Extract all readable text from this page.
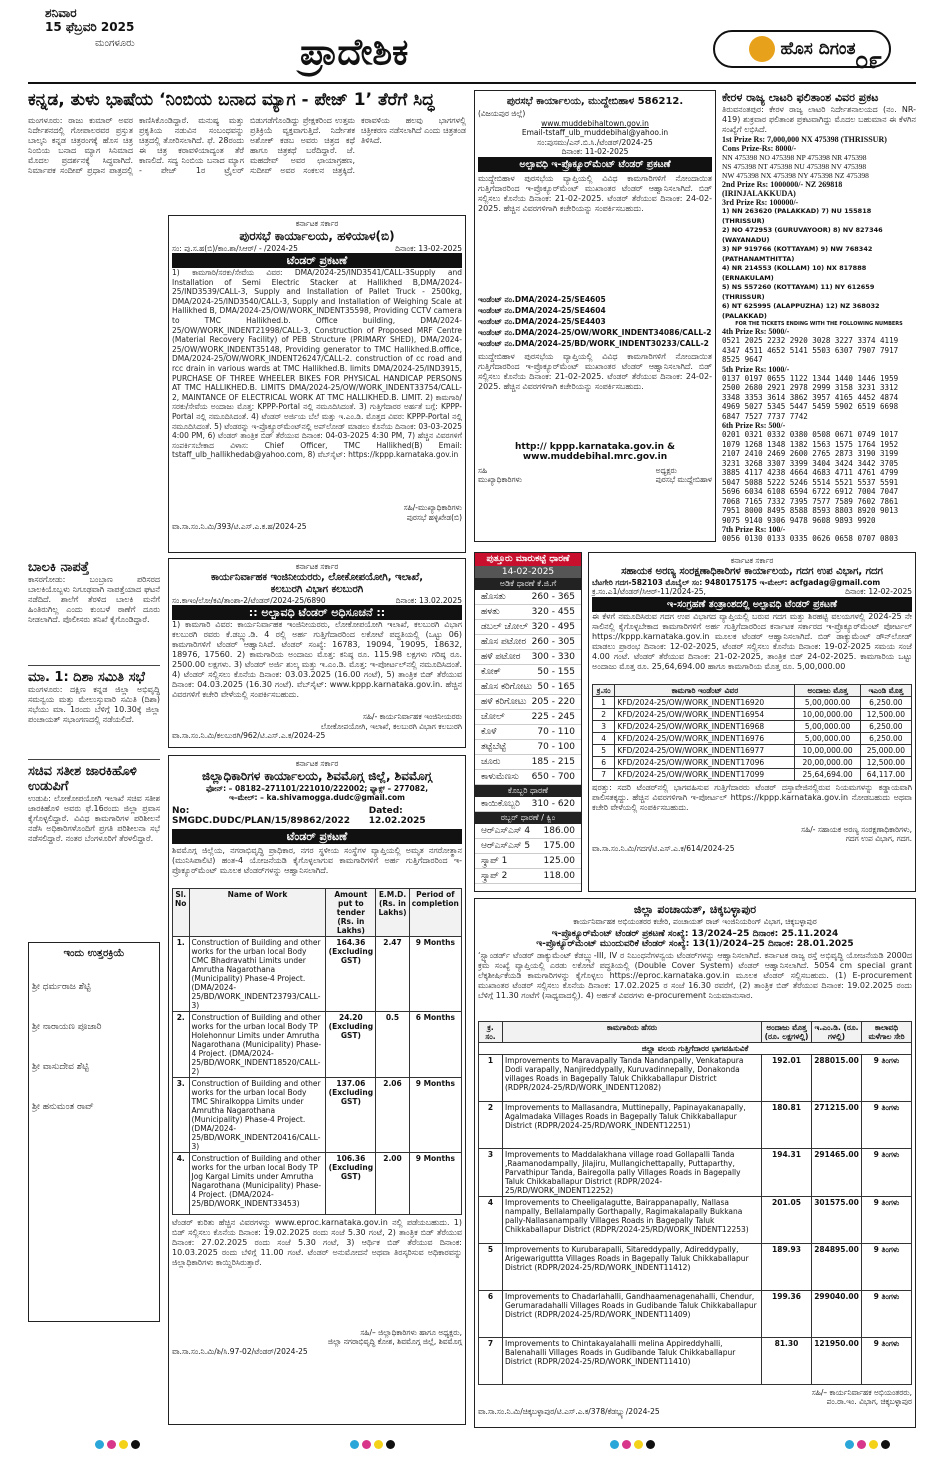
ಶನಿವಾರ
15 ಫೆಬ್ರವರಿ 2025
ಮಂಗಳೂರು	ಪ್ರಾದೇಶಿಕ	ಹೊಸ ದಿಗಂತ ೦೯
ಕನ್ನಡ, ತುಳು ಭಾಷೆಯ ‘ನಿಂಬಿಯ ಬನಾದ ಮ್ಯಾಗ - ಪೇಜ್ 1’ ತೆರೆಗೆ ಸಿದ್ಧ
ಮಂಗಳೂರು: ರಾಜು ಕುಮಾರ್ ಅವರ ನಿರ್ದೇಶನದಲ್ಲಿ ಗೋಪಾಲರವರ ಪ್ರಸ್ತುತ ಬಾಲ್ಕನಿ ಕನ್ನಡ ಚಿತ್ರರಂಗಕ್ಕೆ ಹೊಸ ಚಿತ್ರ ನಿಂಬಿಯ ಬನಾದ ಮ್ಯಾಗ ಸಿನಿಮಾದ ಮೊದಲ ಪ್ರದರ್ಶನಕ್ಕೆ ಸಿದ್ಧವಾಗಿದೆ. ನಿರ್ಮಾಪಕ ಸಂದೀಪ್ ಪ್ರಧಾನ ಪಾತ್ರದಲ್ಲಿ ಕಾಣಿಸಿಕೊಂಡಿದ್ದಾರೆ. ಮನುಷ್ಯ ಮತ್ತು ಪ್ರಕೃತಿಯ ನಡುವಿನ ಸಂಬಂಧವನ್ನು ಚಿತ್ರದಲ್ಲಿ ತೋರಿಸಲಾಗಿದೆ. ಫೆ. 28ರಂದು ಈ ಚಿತ್ರ ಕರಾವಳಿಯಾದ್ಯಂತ ತೆರೆ ಕಾಣಲಿದೆ. ಸದ್ಯ ನಿಂಬಿಯ ಬನಾದ ಮ್ಯಾಗ - ಪೇಜ್ 1ರ ಟ್ರೈಲರ್ ಬಿಡುಗಡೆಗೊಂಡಿದ್ದು ಪ್ರೇಕ್ಷಕರಿಂದ ಉತ್ತಮ ಪ್ರತಿಕ್ರಿಯೆ ವ್ಯಕ್ತವಾಗುತ್ತಿದೆ. ನಿರ್ದೇಶಕ ಅಶೋಕ್ ಕಡಬ ಅವರು ಚಿತ್ರದ ಕಥೆ ಹಾಗೂ ಚಿತ್ರಕಥೆ ಬರೆದಿದ್ದಾರೆ. ಜೆ. ಮಹದೇವ್ ಅವರ ಛಾಯಾಗ್ರಹಣ, ಸುದೀಪ್ ಅವರ ಸಂಕಲನ ಚಿತ್ರಕ್ಕಿದೆ. ಕರಾವಳಿಯ ಹಲವು ಭಾಗಗಳಲ್ಲಿ ಚಿತ್ರೀಕರಣ ನಡೆಸಲಾಗಿದೆ ಎಂದು ಚಿತ್ರತಂಡ ತಿಳಿಸಿದೆ.
ಬಾಲಕಿ ನಾಪತ್ತೆ
ಕಾಸರಗೋಡು: ಬಂಬ್ರಾಣ ಪರಿಸರದ ಬಾಲಕಿಯೊಬ್ಬಳು ನಿಗೂಢವಾಗಿ ನಾಪತ್ತೆಯಾದ ಘಟನೆ ನಡೆದಿದೆ. ಶಾಲೆಗೆ ತೆರಳಿದ ಬಾಲಕಿ ಮನೆಗೆ ಹಿಂತಿರುಗಿಲ್ಲ ಎಂದು ಕುಂಬಳೆ ಠಾಣೆಗೆ ದೂರು ನೀಡಲಾಗಿದೆ. ಪೊಲೀಸರು ತನಿಖೆ ಕೈಗೊಂಡಿದ್ದಾರೆ.
ಮಾ. 1: ದಿಶಾ ಸಮಿತಿ ಸಭೆ
ಮಂಗಳೂರು: ದಕ್ಷಿಣ ಕನ್ನಡ ಜಿಲ್ಲಾ ಅಭಿವೃದ್ಧಿ ಸಮನ್ವಯ ಮತ್ತು ಮೇಲುಸ್ತುವಾರಿ ಸಮಿತಿ (ದಿಶಾ) ಸಭೆಯು ಮಾ. 1ರಂದು ಬೆಳಿಗ್ಗೆ 10.30ಕ್ಕೆ ಜಿಲ್ಲಾ ಪಂಚಾಯತ್ ಸಭಾಂಗಣದಲ್ಲಿ ನಡೆಯಲಿದೆ.
ಸಚಿವ ಸತೀಶ ಜಾರಕಿಹೊಳಿ ಉಡುಪಿಗೆ
ಉಡುಪಿ: ಲೋಕೋಪಯೋಗಿ ಇಲಾಖೆ ಸಚಿವ ಸತೀಶ ಜಾರಕಿಹೊಳಿ ಅವರು ಫೆ.16ರಂದು ಜಿಲ್ಲಾ ಪ್ರವಾಸ ಕೈಗೊಳ್ಳಲಿದ್ದಾರೆ. ವಿವಿಧ ಕಾಮಗಾರಿಗಳ ಪರಿಶೀಲನೆ ನಡೆಸಿ ಅಧಿಕಾರಿಗಳೊಂದಿಗೆ ಪ್ರಗತಿ ಪರಿಶೀಲನಾ ಸಭೆ ನಡೆಸಲಿದ್ದಾರೆ. ನಂತರ ಬೆಂಗಳೂರಿಗೆ ತೆರಳಲಿದ್ದಾರೆ.
ಇಂದು ಉತ್ತರಕ್ರಿಯೆ
ಶ್ರೀ ಧರ್ಮರಾಜ ಶೆಟ್ಟಿ
ಶ್ರೀ ನಾರಾಯಣ ಪೂಜಾರಿ
ಶ್ರೀ ವಾಸುದೇವ ಶೆಟ್ಟಿ
ಶ್ರೀ ಹನುಮಂತ ರಾವ್
ಕರ್ನಾಟಕ ಸರ್ಕಾರ
ಪುರಸಭೆ ಕಾರ್ಯಾಲಯ, ಹಳಿಯಾಳ(ಬಿ)
ಸಂ: ಪು.ಸ.ಹ(ಬಿ)/ಕಾಂ.ಶಾ/ಸಿಆರ್/ - /2024-25	ದಿನಾಂಕ: 13-02-2025
ಟೆಂಡರ್ ಪ್ರಕಟಣೆ
1) ಕಾಮಗಾರಿ/ಸರಕು/ಸೇವೆಯ ವಿವರ: DMA/2024-25/IND3541/CALL-3Supply and Installation of Semi Electric Stacker at Hallikhed B,DMA/2024-25/IND3539/CALL-3, Supply and Installation of Pallet Truck - 2500kg, DMA/2024-25/IND3540/CALL-3, Supply and Installation of Weighing Scale at Hallikhed B, DMA/2024-25/OW/WORK_INDENT35598, Providing CCTV camera to TMC Hallikhed.b. Office building, DMA/2024-25/OW/WORK_INDENT21998/CALL-3, Construction of Proposed MRF Centre (Material Recovery Facility) of PEB Structure (PRIMARY SHED), DMA/2024-25/OW/WORK_INDENT35148, Providing generator to TMC Hallikhed.B.office, DMA/2024-25/OW/WORK_INDENT26247/CALL-2. construction of cc road and rcc drain in various wards at TMC Hallikhed.B. limits DMA/2024-25/IND3915, PURCHASE OF THREE WHEELER BIKES FOR PHYSICAL HANDICAP PERSONS AT TMC HALLIKHED.B. LIMITS DMA/2024-25/OW/WORK_INDENT33754/CALL-2, MAINTANCE OF ELECTRICAL WORK AT TMC HALLIKHED.B. LIMIT. 2) ಕಾಮಗಾರಿ/ಸರಕು/ಸೇವೆಯ ಅಂದಾಜು ಮೊತ್ತ: KPPP-Portal ನಲ್ಲಿ ನಮೂದಿಸಿದಂತೆ. 3) ಗುತ್ತಿಗೆದಾರರ ಅರ್ಹತೆ ಬಗ್ಗೆ: KPPP-Portal ನಲ್ಲಿ ನಮೂದಿಸಿದಂತೆ. 4) ಟೆಂಡರ್ ಅರ್ಜಿಯ ಬೆಲೆ ಮತ್ತು ಇ.ಎಂ.ಡಿ. ಮೊತ್ತದ ವಿವರ: KPPP-Portal ನಲ್ಲಿ ನಮೂದಿಸಿದಂತೆ. 5) ಟೆಂಡರನ್ನು ಇ-ಪ್ರೊಕ್ಯೂರ್‌ಮೆಂಟ್‌ನಲ್ಲಿ ಅಪ್‌ಲೋಡ್ ಮಾಡಲು ಕೊನೆಯ ದಿನಾಂಕ: 03-03-2025 4:00 PM, 6) ಟೆಂಡರ್ ತಾಂತ್ರಿಕ ಬಿಡ್ ತೆರೆಯುವ ದಿನಾಂಕ: 04-03-2025 4:30 PM, 7) ಹೆಚ್ಚಿನ ವಿವರಗಳಿಗೆ ಸಂಪರ್ಕಿಸಬೇಕಾದ ವಿಳಾಸ: Chief Officer, TMC Hallikhed(B) Email: tstaff_ulb_hallikhedab@yahoo.com, 8) ವೆಬ್‌ಸೈಟ್: https://kppp.karnataka.gov.in
ಸಹಿ/-ಮುಖ್ಯಾಧಿಕಾರಿಗಳು
ಪುರಸಭೆ ಹಳ್ಳಿಖೇಡ(ಬಿ)
ವಾ.ಸಾ.ಸಂ.ನಿ.ಮಿ/393/ಟಿ.ಎಸ್.ಎ.ಕ.ಹ/2024-25
ಕರ್ನಾಟಕ ಸರ್ಕಾರ
ಕಾರ್ಯನಿರ್ವಾಹಕ ಇಂಜಿನೀಯರರು, ಲೋಕೋಪಯೋಗಿ, ಇಲಾಖೆ,
ಕಲಬುರಗಿ ವಿಭಾಗ ಕಲಬುರಗಿ
ಸಂ.ಕಾಇಂ/ಲೋ/ಕವಿ/ತಾಂಶಾ-2/ಟೆಂಡರ್/2024-25/6890	ದಿನಾಂಕ: 13.02.2025
:: ಅಲ್ಪಾವಧಿ ಟೆಂಡರ್ ಅಧಿಸೂಚನೆ ::
1) ಕಾಮಗಾರಿ ವಿವರ: ಕಾರ್ಯನಿರ್ವಾಹಕ ಇಂಜಿನೀಯರರು, ಲೋಕೋಪಯೋಗಿ ಇಲಾಖೆ, ಕಲಬುರಗಿ ವಿಭಾಗ ಕಲಬುರಗಿ ರವರು ಕೆ.ಡಬ್ಲ್ಯು.ಡಿ. 4 ರಲ್ಲಿ ಅರ್ಹ ಗುತ್ತಿಗೆದಾರರಿಂದ ಲಕೋಟೆ ಪದ್ಧತಿಯಲ್ಲಿ (ಒಟ್ಟು 06) ಕಾಮಗಾರಿಗಳಿಗೆ ಟೆಂಡರ್ ಆಹ್ವಾನಿಸಿದೆ. ಟೆಂಡರ್ ಸಂಖ್ಯೆ: 16783, 19094, 19095, 18632, 18976, 17560. 2) ಕಾಮಗಾರಿಯ ಅಂದಾಜು ಮೊತ್ತ: ಕನಿಷ್ಠ ರೂ. 115.98 ಲಕ್ಷಗಳು ಗರಿಷ್ಠ ರೂ. 2500.00 ಲಕ್ಷಗಳು. 3) ಟೆಂಡರ್ ಅರ್ಜಿ ಶುಲ್ಕ ಮತ್ತು ಇ.ಎಂ.ಡಿ. ಮೊತ್ತ: ಇ-ಪೋರ್ಟಲ್‌ನಲ್ಲಿ ನಮೂದಿಸಿದಂತೆ. 4) ಟೆಂಡರ್ ಸಲ್ಲಿಸಲು ಕೊನೆಯ ದಿನಾಂಕ: 03.03.2025 (16.00 ಗಂಟೆ), 5) ತಾಂತ್ರಿಕ ಬಿಡ್ ತೆರೆಯುವ ದಿನಾಂಕ: 04.03.2025 (16.30 ಗಂಟೆ). ವೆಬ್‌ಸೈಟ್: www.kppp.karnataka.gov.in. ಹೆಚ್ಚಿನ ವಿವರಗಳಿಗೆ ಕಚೇರಿ ವೇಳೆಯಲ್ಲಿ ಸಂಪರ್ಕಿಸಬಹುದು.
ಸಹಿ/- ಕಾರ್ಯನಿರ್ವಾಹಕ ಇಂಜಿನೀಯರರು
ಲೋಕೋಪಯೋಗಿ, ಇಲಾಖೆ, ಕಲಬುರಗಿ ವಿಭಾಗ ಕಲಬುರಗಿ
ವಾ.ಸಾ.ಸಂ.ನಿ.ಮಿ/ಕಲಬುರಗಿ/962/ಟಿ.ಎಸ್.ಎ.ಕ/2024-25
ಕರ್ನಾಟಕ ಸರ್ಕಾರ
ಜಿಲ್ಲಾಧಿಕಾರಿಗಳ ಕಾರ್ಯಾಲಯ, ಶಿವಮೊಗ್ಗ ಜಿಲ್ಲೆ, ಶಿವಮೊಗ್ಗ
ಫೋನ್: – 08182–271101/221010/222002; ಫ್ಯಾಕ್ಸ್ – 277082,
ಇ–ಮೇಲ್: – ka.shivamogga.dudc@gmail.com
No: SMGDC.DUDC/PLAN/15/89862/2022
Dated: 12.02.2025
ಟೆಂಡರ್ ಪ್ರಕಟಣೆ
ಶಿವಮೊಗ್ಗ ಜಿಲ್ಲೆಯ, ನಗರಾಭಿವೃದ್ಧಿ ಪ್ರಾಧಿಕಾರ, ನಗರ ಸ್ಥಳೀಯ ಸಂಸ್ಥೆಗಳ ವ್ಯಾಪ್ತಿಯಲ್ಲಿ ಅಮೃತ ನಗರೋತ್ಥಾನ (ಮುನಿಸಿಪಾಲಿಟಿ) ಹಂತ-4 ಯೋಜನೆಯಡಿ ಕೈಗೊಳ್ಳಲಾಗುವ ಕಾಮಗಾರಿಗಳಿಗೆ ಅರ್ಹ ಗುತ್ತಿಗೆದಾರರಿಂದ ಇ-ಪ್ರೊಕ್ಯೂರ್‌ಮೆಂಟ್ ಮೂಲಕ ಟೆಂಡರ್‌ಗಳನ್ನು ಆಹ್ವಾನಿಸಲಾಗಿದೆ.
Sl. No	Name of Work	Amount put to tender (Rs. in Lakhs)	E.M.D. (Rs. in Lakhs)	Period of completion
1.	Construction of Building and other works for the urban local Body CMC Bhadravathi Limits under Amrutha Nagarothana (Municipality) Phase-4 Project.(DMA/2024-25/BD/WORK_INDENT23793/CALL-3)	164.36 (Excluding GST)	2.47	9 Months
2.	Construction of Building and other works for the urban local Body TP Holehonnur Limits under Amrutha Nagarothana (Municipality) Phase-4 Project. (DMA/2024-25/BD/WORK_INDENT18520/CALL-2)	24.20 (Excluding GST)	0.5	6 Months
3.	Construction of Building and other works for the urban local Body TMC Shiralkoppa Limits under Amrutha Nagarothana (Municipality) Phase-4 Project. (DMA/2024-25/BD/WORK_INDENT20416/CALL-3)	137.06 (Excluding GST)	2.06	9 Months
4.	Construction of Building and other works for the urban local Body TP Jog Kargal Limits under Amrutha Nagarothana (Municipality) Phase-4 Project. (DMA/2024-25/BD/WORK_INDENT33453)	106.36 (Excluding GST)	2.00	9 Months
ಟೆಂಡರ್ ಕುರಿತು ಹೆಚ್ಚಿನ ವಿವರಗಳನ್ನು www.eproc.karnataka.gov.in ನಲ್ಲಿ ಪಡೆಯಬಹುದು. 1) ಬಿಡ್ ಸಲ್ಲಿಸಲು ಕೊನೆಯ ದಿನಾಂಕ: 19.02.2025 ರಂದು ಸಂಜೆ 5.30 ಗಂಟೆ, 2) ತಾಂತ್ರಿಕ ಬಿಡ್ ತೆರೆಯುವ ದಿನಾಂಕ: 27.02.2025 ರಂದು ಸಂಜೆ 5.30 ಗಂಟೆ, 3) ಆರ್ಥಿಕ ಬಿಡ್ ತೆರೆಯುವ ದಿನಾಂಕ: 10.03.2025 ರಂದು ಬೆಳಿಗ್ಗೆ 11.00 ಗಂಟೆ. ಟೆಂಡರ್ ಅನುಮೋದನೆ ಅಥವಾ ತಿರಸ್ಕರಿಸುವ ಅಧಿಕಾರವನ್ನು ಜಿಲ್ಲಾಧಿಕಾರಿಗಳು ಕಾಯ್ದಿರಿಸಿರುತ್ತಾರೆ.
ಸಹಿ/– ಜಿಲ್ಲಾಧಿಕಾರಿಗಳು ಹಾಗೂ ಅಧ್ಯಕ್ಷರು,
ಜಿಲ್ಲಾ ನಗರಾಭಿವೃದ್ಧಿ ಕೋಶ, ಶಿವಮೊಗ್ಗ ಜಿಲ್ಲೆ, ಶಿವಮೊಗ್ಗ
ವಾ.ಸಾ.ಸಂ.ನಿ.ಮಿ/ಶಿ/ಸಿ.97-02/ಟೆಂಡರ್/2024-25
ಪುರಸಭೆ ಕಾರ್ಯಾಲಯ, ಮುದ್ದೇಬಿಹಾಳ 586212.
(ವಿಜಯಪುರ ಜಿಲ್ಲೆ)
www.muddebihaltown.gov.in
Email-tstaff_ulb_muddebihal@yahoo.in
ಸಂ:ಪುಸಮು/ಎನ್.ಬಿ.ಸಿ./ಟೆಂಡರ್/2024-25
ದಿನಾಂಕ: 11-02-2025
ಅಲ್ಪಾವಧಿ ಇ-ಪ್ರೊಕ್ಯೂರ್‌ಮೆಂಟ್ ಟೆಂಡರ್ ಪ್ರಕಟಣೆ
ಮುದ್ದೇಬಿಹಾಳ ಪುರಸಭೆಯ ವ್ಯಾಪ್ತಿಯಲ್ಲಿ ವಿವಿಧ ಕಾಮಗಾರಿಗಳಿಗೆ ನೋಂದಾಯಿತ ಗುತ್ತಿಗೆದಾರರಿಂದ ಇ-ಪ್ರೊಕ್ಯೂರ್‌ಮೆಂಟ್ ಮುಖಾಂತರ ಟೆಂಡರ್ ಆಹ್ವಾನಿಸಲಾಗಿದೆ. ಬಿಡ್ ಸಲ್ಲಿಸಲು ಕೊನೆಯ ದಿನಾಂಕ: 21-02-2025. ಟೆಂಡರ್ ತೆರೆಯುವ ದಿನಾಂಕ: 24-02-2025. ಹೆಚ್ಚಿನ ವಿವರಗಳಿಗಾಗಿ ಕಚೇರಿಯನ್ನು ಸಂಪರ್ಕಿಸಬಹುದು.
ಇಂಡೆಂಟ್ ನಂ.DMA/2024-25/SE4605
ಇಂಡೆಂಟ್ ನಂ.DMA/2024-25/SE4604
ಇಂಡೆಂಟ್ ನಂ.DMA/2024-25/SE4403
ಇಂಡೆಂಟ್ ನಂ.DMA/2024-25/OW/WORK_INDENT34086/CALL-2
ಇಂಡೆಂಟ್ ನಂ.DMA/2024-25/BD/WORK_INDENT30233/CALL-2
ಮುದ್ದೇಬಿಹಾಳ ಪುರಸಭೆಯ ವ್ಯಾಪ್ತಿಯಲ್ಲಿ ವಿವಿಧ ಕಾಮಗಾರಿಗಳಿಗೆ ನೋಂದಾಯಿತ ಗುತ್ತಿಗೆದಾರರಿಂದ ಇ-ಪ್ರೊಕ್ಯೂರ್‌ಮೆಂಟ್ ಮುಖಾಂತರ ಟೆಂಡರ್ ಆಹ್ವಾನಿಸಲಾಗಿದೆ. ಬಿಡ್ ಸಲ್ಲಿಸಲು ಕೊನೆಯ ದಿನಾಂಕ: 21-02-2025. ಟೆಂಡರ್ ತೆರೆಯುವ ದಿನಾಂಕ: 24-02-2025. ಹೆಚ್ಚಿನ ವಿವರಗಳಿಗಾಗಿ ಕಚೇರಿಯನ್ನು ಸಂಪರ್ಕಿಸಬಹುದು.
http:// kppp.karnataka.gov.in & www.muddebihal.mrc.gov.in
ಸಹಿ
ಮುಖ್ಯಾಧಿಕಾರಿಗಳು
ಅಧ್ಯಕ್ಷರು
ಪುರಸಭೆ ಮುದ್ದೇಬಿಹಾಳ
ಪುತ್ತೂರು ಮಾರುಕಟ್ಟೆ ಧಾರಣೆ
14-02-2025
ಅಡಿಕೆ ಧಾರಣೆ ಕೆ.ಜಿ.ಗೆ
ಹೊಸತು	260 - 365
ಹಳತು	320 - 455
ಡಬಲ್ ಚೋಲ್ 320 - 495
ಹೊಸ ಪಟೋರ 260 - 305
ಹಳೆ ಪಟೋರ 300 - 330
ಕೋಕ್	50 - 155
ಹೊಸ ಕರಿಗೋಟು 50 - 165
ಹಳೆ ಕರಿಗೋಟು 205 - 220
ಚೋಲ್	225 - 245
ಕೊಳೆ	70 - 110
ತಟ್ಟೆಬೆಟ್ಟೆ	70 - 100
ಚೂರು	185 - 215
ಕಾಳುಮೆಣಸು 650 - 700
ಕೊಬ್ಬರಿ ಧಾರಣೆ
ಕಾಯಿಕೊಬ್ಬರಿ 310 - 620
ರಬ್ಬರ್ ಧಾರಣೆ / ಕ್ವಿಂ
ಆರ್‌ಎಸ್‌ಎಸ್ 4 186.00
ಆರ್‌ಎಸ್‌ಎಸ್ 5 175.00
ಸ್ಕ್ರಾಪ್ 1	125.00
ಸ್ಕ್ರಾಪ್ 2	118.00
ಕರ್ನಾಟಕ ಸರ್ಕಾರ
ಸಹಾಯಕ ಅರಣ್ಯ ಸಂರಕ್ಷಣಾಧಿಕಾರಿಗಳ ಕಾರ್ಯಾಲಯ, ಗದಗ ಉಪ ವಿಭಾಗ, ಗದಗ
ಬೆಟಗೇರಿ ಗದಗ-582103 ಮೊಬೈಲ್ ಸಂ: 9480175175 ಇ-ಮೇಲ್: acfgadag@gmail.com
ಕ್ರ.ಸಂ.ಎ1/ಟೆಂಡರ್/ಸಿಆರ್-11/2024-25,	ದಿನಾಂಕ: 12-02-2025
ಇ-ಸಂಗ್ರಹಣೆ ತಂತ್ರಾಂಶದಲ್ಲಿ ಅಲ್ಪಾವಧಿ ಟೆಂಡರ್ ಪ್ರಕಟಣೆ
ಈ ಕೆಳಗೆ ನಮೂದಿಸಿರುವ ಗದಗ ಉಪ ವಿಭಾಗದ ವ್ಯಾಪ್ತಿಯಲ್ಲಿ ಬರುವ ಗದಗ ಮತ್ತು ಶಿರಹಟ್ಟಿ ವಲಯಗಳಲ್ಲಿ 2024-25 ನೇ ಸಾಲಿನಲ್ಲಿ ಕೈಗೊಳ್ಳಬೇಕಾದ ಕಾಮಗಾರಿಗಳಿಗೆ ಅರ್ಹ ಗುತ್ತಿಗೆದಾರರಿಂದ ಕರ್ನಾಟಕ ಸರ್ಕಾರದ ಇ-ಪ್ರೊಕ್ಯೂರ್‌ಮೆಂಟ್ ಪೋರ್ಟಲ್ https://kppp.karnataka.gov.in ಮೂಲಕ ಟೆಂಡರ್ ಆಹ್ವಾನಿಸಲಾಗಿದೆ. ಬಿಡ್ ಡಾಕ್ಯುಮೆಂಟ್ ಡೌನ್‌ಲೋಡ್ ಮಾಡಲು ಪ್ರಾರಂಭ ದಿನಾಂಕ: 12-02-2025, ಟೆಂಡರ್ ಸಲ್ಲಿಸಲು ಕೊನೆಯ ದಿನಾಂಕ: 19-02-2025 ಸಮಯ ಸಂಜೆ 4.00 ಗಂಟೆ. ಟೆಂಡರ್ ತೆರೆಯುವ ದಿನಾಂಕ: 21-02-2025, ತಾಂತ್ರಿಕ ಬಿಡ್ 24-02-2025. ಕಾಮಗಾರಿಯ ಒಟ್ಟು ಅಂದಾಜು ಮೊತ್ತ ರೂ. 25,64,694.00 ಹಾಗೂ ಕಾಮಗಾರಿಯ ಮೊತ್ತ ರೂ. 5,00,000.00
ಕ್ರ.ಸಂ	ಕಾಮಗಾರಿ ಇಂಡೆಂಟ್ ವಿವರ	ಅಂದಾಜು ಮೊತ್ತ	ಇಎಂಡಿ ಮೊತ್ತ
1	KFD/2024-25/OW/WORK_INDENT16920	5,00,000.00	6,250.00
2	KFD/2024-25/OW/WORK_INDENT16954	10,00,000.00	12,500.00
3	KFD/2024-25/OW/WORK_INDENT16968	5,00,000.00	6,250.00
4	KFD/2024-25/OW/WORK_INDENT16976	5,00,000.00	6,250.00
5	KFD/2024-25/OW/WORK_INDENT16977	10,00,000.00	25,000.00
6	KFD/2024-25/OW/WORK_INDENT17096	20,00,000.00	12,500.00
7	KFD/2024-25/OW/WORK_INDENT17099	25,64,694.00	64,117.00
ಷರತ್ತು: ಸದರಿ ಟೆಂಡರ್‌ನಲ್ಲಿ ಭಾಗವಹಿಸುವ ಗುತ್ತಿಗೆದಾರರು ಟೆಂಡರ್ ದಸ್ತಾವೇಜಿನಲ್ಲಿರುವ ನಿಯಮಗಳನ್ನು ಕಡ್ಡಾಯವಾಗಿ ಪಾಲಿಸತಕ್ಕದ್ದು. ಹೆಚ್ಚಿನ ವಿವರಗಳಿಗಾಗಿ ಇ-ಪೋರ್ಟಲ್ https://kppp.karnataka.gov.in ನೋಡಬಹುದು ಅಥವಾ ಕಚೇರಿ ವೇಳೆಯಲ್ಲಿ ಸಂಪರ್ಕಿಸಬಹುದು.
ಸಹಿ/- ಸಹಾಯಕ ಅರಣ್ಯ ಸಂರಕ್ಷಣಾಧಿಕಾರಿಗಳು,
ಗದಗ ಉಪ ವಿಭಾಗ, ಗದಗ.
ವಾ.ಸಾ.ಸಂ.ನಿ.ಮಿ/ಗದಗ/ಟಿ.ಎಸ್.ಎ.ಕ/614/2024-25
ಕೇರಳ ರಾಜ್ಯ ಲಾಟರಿ ಫಲಿತಾಂಶ ವಿವರ ಪ್ರಕಟ
ತಿರುವನಂತಪುರ: ಕೇರಳ ರಾಜ್ಯ ಲಾಟರಿ ನಿರ್ದೇಶನಾಲಯದ (ನಂ. NR-419) ಶುಕ್ರವಾರ ಫಲಿತಾಂಶ ಪ್ರಕಟವಾಗಿದ್ದು ಮೊದಲ ಬಹುಮಾನ ಈ ಕೆಳಗಿನ ಸಂಖ್ಯೆಗೆ ಲಭಿಸಿದೆ.
1st Prize Rs: 7,000,000 NX 475398 (THRISSUR)
Cons Prize-Rs: 8000/-
NN 475398 NO 475398 NP 475398 NR 475398
NS 475398 NT 475398 NU 475398 NV 475398
NW 475398 NX 475398 NY 475398 NZ 475398
2nd Prize Rs: 1000000/- NZ 269818 (IRINJALAKKUDA)
3rd Prize Rs: 100000/-
1) NN 263620 (PALAKKAD) 7) NU 155818 (THRISSUR)
2) NO 472953 (GURUVAYOOR) 8) NV 827346 (WAYANADU)
3) NP 919766 (KOTTAYAM) 9) NW 768342 (PATHANAMTHITTA)
4) NR 214553 (KOLLAM) 10) NX 817888 (ERNAKULAM)
5) NS 557260 (KOTTAYAM) 11) NY 612659 (THRISSUR)
6) NT 625995 (ALAPPUZHA) 12) NZ 368032 (PALAKKAD)
FOR THE TICKETS ENDING WITH THE FOLLOWING NUMBERS
4th Prize Rs: 5000/-
0521 2025 2232 2920 3028 3227 3374 4119 4347 4511 4652 5141 5503 6307 7907 7917 8525 9647
5th Prize Rs: 1000/-
0137 0197 0655 1122 1344 1440 1446 1959 2500 2680 2921 2978 2999 3158 3231 3312 3348 3353 3614 3862 3957 4165 4452 4874 4969 5027 5345 5447 5459 5902 6519 6698 6847 7527 7737 7742
6th Prize Rs: 500/-
0201 0321 0332 0380 0508 0671 0749 1017 1079 1268 1348 1382 1563 1575 1764 1952 2107 2410 2469 2600 2765 2873 3190 3199 3231 3268 3307 3399 3404 3424 3442 3705 3885 4117 4238 4664 4683 4711 4761 4799 5047 5088 5222 5246 5514 5521 5537 5591 5696 6034 6108 6594 6722 6912 7004 7047 7068 7165 7332 7395 7577 7589 7602 7861 7951 8000 8495 8588 8593 8803 8920 9013 9075 9140 9306 9478 9608 9893 9920
7th Prize Rs: 100/-
0056 0130 0133 0335 0626 0658 0707 0803
ಜಿಲ್ಲಾ ಪಂಚಾಯತ್, ಚಿಕ್ಕಬಳ್ಳಾಪುರ
ಕಾರ್ಯನಿರ್ವಾಹಕ ಅಭಿಯಂತರರ ಕಚೇರಿ, ಪಂಚಾಯತ್ ರಾಜ್ ಇಂಜಿನಿಯರಿಂಗ್ ವಿಭಾಗ, ಚಿಕ್ಕಬಳ್ಳಾಪುರ
ಇ-ಪ್ರೊಕ್ಯೂರ್‌ಮೆಂಟ್ ಟೆಂಡರ್ ಪ್ರಕಟಣೆ ಸಂಖ್ಯೆ: 13/2024–25 ದಿನಾಂಕ: 25.11.2024
ಇ-ಪ್ರೊಕ್ಯೂರ್‌ಮೆಂಟ್ ಮುಂದುವರಿಕೆ ಟೆಂಡರ್ ಸಂಖ್ಯೆ: 13(1)/2024–25 ದಿನಾಂಕ: 28.01.2025
‘ಸ್ಟ್ಯಾಂಡರ್ಡ್ ಟೆಂಡರ್ ಡಾಕ್ಯುಮೆಂಟ್ ಕೆಡಬ್ಲ್ಯು-III, IV ರ ನಿಬಂಧನೆಗಳನ್ವಯ ಟೆಂಡರ್‌ಗಳನ್ನು ಆಹ್ವಾನಿಸಲಾಗಿದೆ. ಕರ್ನಾಟಕ ರಾಜ್ಯ ರಸ್ತೆ ಅಭಿವೃದ್ಧಿ ಯೋಜನೆಯಡಿ 2000ದ ಕ್ರಮ ಸಂಖ್ಯೆ ವ್ಯಾಪ್ತಿಯಲ್ಲಿ ಎರಡು ಲಕೋಟೆ ಪದ್ಧತಿಯಲ್ಲಿ (Double Cover System) ಟೆಂಡರ್ ಆಹ್ವಾನಿಸಲಾಗಿದೆ. 5054 cm special grant ಲೆಕ್ಕಶೀರ್ಷಿಕೆಯಡಿ ಕಾಮಗಾರಿಗಳನ್ನು ಕೈಗೊಳ್ಳಲು https://eproc.karnataka.gov.in ಮೂಲಕ ಟೆಂಡರ್ ಸಲ್ಲಿಸಬಹುದು. (1) E-procurement ಮುಖಾಂತರ ಟೆಂಡರ್ ಸಲ್ಲಿಸಲು ಕೊನೆಯ ದಿನಾಂಕ: 17.02.2025 ರ ಸಂಜೆ 16.30 ರವರೆಗೆ, (2) ತಾಂತ್ರಿಕ ಬಿಡ್ ತೆರೆಯುವ ದಿನಾಂಕ: 19.02.2025 ರಂದು ಬೆಳಿಗ್ಗೆ 11.30 ಗಂಟೆಗೆ (ಸಾಧ್ಯವಾದಲ್ಲಿ). 4) ಅರ್ಹತೆ ವಿವರಗಳು e-procurement ನಿಯಮಾನುಸಾರ.
ಕ್ರ. ಸಂ.	ಕಾಮಗಾರಿಯ ಹೆಸರು	ಅಂದಾಜು ಮೊತ್ತ (ರೂ. ಲಕ್ಷಗಳಲ್ಲಿ)	ಇ.ಎಂ.ಡಿ. (ರೂ. ಗಳಲ್ಲಿ)	ಕಾಲಾವಧಿ ಮಳೆಗಾಲ ಸೇರಿ
ಜಿಲ್ಲಾ ವಲಯ ಗುತ್ತಿಗೆದಾರರ ಭಾಗವಹಿಸುವಿಕೆ				
1	Improvements to Maravapally Tanda Nandanpally, Venkatapura Dodi varapally, Nanjireddypally, Kuruvadinnepally, Donakonda villages Roads in Bagepally Taluk Chikkaballapur District (RDPR/2024-25/RD/WORK_INDENT12082)	192.01	288015.00	9 ತಿಂಗಳು
2	Improvements to Mallasandra, Muttinepally, Papinayakanapally, Agalmadaka Villages Roads in Bagepally Taluk Chikkaballapur District (RDPR/2024-25/RD/WORK_INDENT12251)	180.81	271215.00	9 ತಿಂಗಳು
3	Improvements to Maddalakhana village road Gollapalli Tanda ,Raamanodampally, Jilajiru, Mullangichettapally, Puttaparthy, Parvathipur Tanda, Bairegolla pally Villages Roads in Bagepally Taluk Chikkaballapur District (RDPR/2024-25/RD/WORK_INDENT12252)	194.31	291465.00	9 ತಿಂಗಳು
4	Improvements to Cheeligalagutte, Bairappanapally, Nallasa nampally, Bellalampally Gorthapally, Ragimakalapally Bukkana pally-Nallasanampally Villages Roads in Bagepally Taluk Chikkaballapur District (RDPR/2024-25/RD/WORK_INDENT12253)	201.05	301575.00	9 ತಿಂಗಳು
5	Improvements to Kurubarapalli, Sitareddypally, Adireddypally, Arigewariguttta Villages Roads in Bagepally Taluk Chikkaballapur District (RDPR/2024-25/RD/WORK_INDENT11412)	189.93	284895.00	9 ತಿಂಗಳು
6	Improvements to Chadarlahalli, Gandhaamenagenahalli, Chendur, Gerumaradahalli Villages Roads in Gudibande Taluk Chikkaballapur District (RDPR/2024-25/RD/WORK_INDENT11409)	199.36	299040.00	9 ತಿಂಗಳು
7	Improvements to Chintakayalahalli melina Appireddyhalli, Balenahalli Villages Roads in Gudibande Taluk Chikkaballapur District (RDPR/2024-25/RD/WORK_INDENT11410)	81.30	121950.00	9 ತಿಂಗಳು
ಸಹಿ/– ಕಾರ್ಯನಿರ್ವಾಹಕ ಅಭಿಯಂತರರು,
ಪಂ.ರಾ.ಇಂ. ವಿಭಾಗ, ಚಿಕ್ಕಬಳ್ಳಾಪುರ
ವಾ.ಸಾ.ಸಂ.ನಿ.ಮಿ/ಚಿಕ್ಕಬಳ್ಳಾಪುರ/ಟಿ.ಎಸ್.ಎ.ಕ/378/ಕೆಡಬ್ಲ್ಯು/2024-25
